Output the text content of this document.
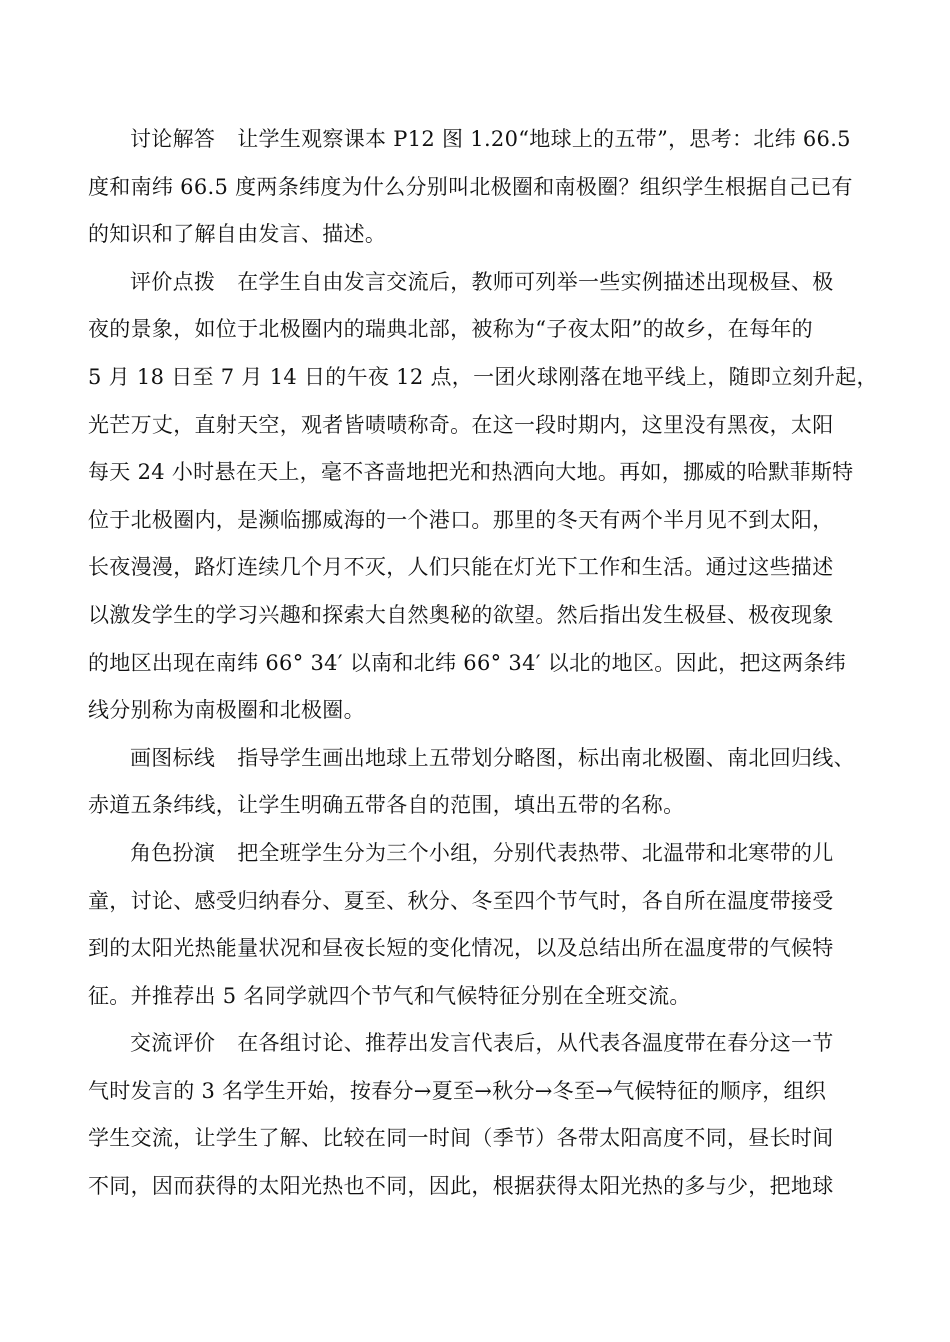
讨论解答 让学生观察课本 P12 图 1.20“地球上的五带”，思考：北纬 66.5
度和南纬 66.5 度两条纬度为什么分别叫北极圈和南极圈？组织学生根据自己已有
的知识和了解自由发言、描述。
评价点拨 在学生自由发言交流后，教师可列举一些实例描述出现极昼、极
夜的景象，如位于北极圈内的瑞典北部，被称为“子夜太阳”的故乡，在每年的
5 月 18 日至 7 月 14 日的午夜 12 点，一团火球刚落在地平线上，随即立刻升起，
光芒万丈，直射天空，观者皆啧啧称奇。在这一段时期内，这里没有黑夜，太阳
每天 24 小时悬在天上，毫不吝啬地把光和热洒向大地。再如，挪威的哈默菲斯特
位于北极圈内，是濒临挪威海的一个港口。那里的冬天有两个半月见不到太阳，
长夜漫漫，路灯连续几个月不灭，人们只能在灯光下工作和生活。通过这些描述
以激发学生的学习兴趣和探索大自然奥秘的欲望。然后指出发生极昼、极夜现象
的地区出现在南纬 66° 34′ 以南和北纬 66° 34′ 以北的地区。因此，把这两条纬
线分别称为南极圈和北极圈。
画图标线 指导学生画出地球上五带划分略图，标出南北极圈、南北回归线、
赤道五条纬线，让学生明确五带各自的范围，填出五带的名称。
角色扮演 把全班学生分为三个小组，分别代表热带、北温带和北寒带的儿
童，讨论、感受归纳春分、夏至、秋分、冬至四个节气时，各自所在温度带接受
到的太阳光热能量状况和昼夜长短的变化情况，以及总结出所在温度带的气候特
征。并推荐出 5 名同学就四个节气和气候特征分别在全班交流。
交流评价 在各组讨论、推荐出发言代表后，从代表各温度带在春分这一节
气时发言的 3 名学生开始，按春分→夏至→秋分→冬至→气候特征的顺序，组织
学生交流，让学生了解、比较在同一时间（季节）各带太阳高度不同，昼长时间
不同，因而获得的太阳光热也不同，因此，根据获得太阳光热的多与少，把地球
